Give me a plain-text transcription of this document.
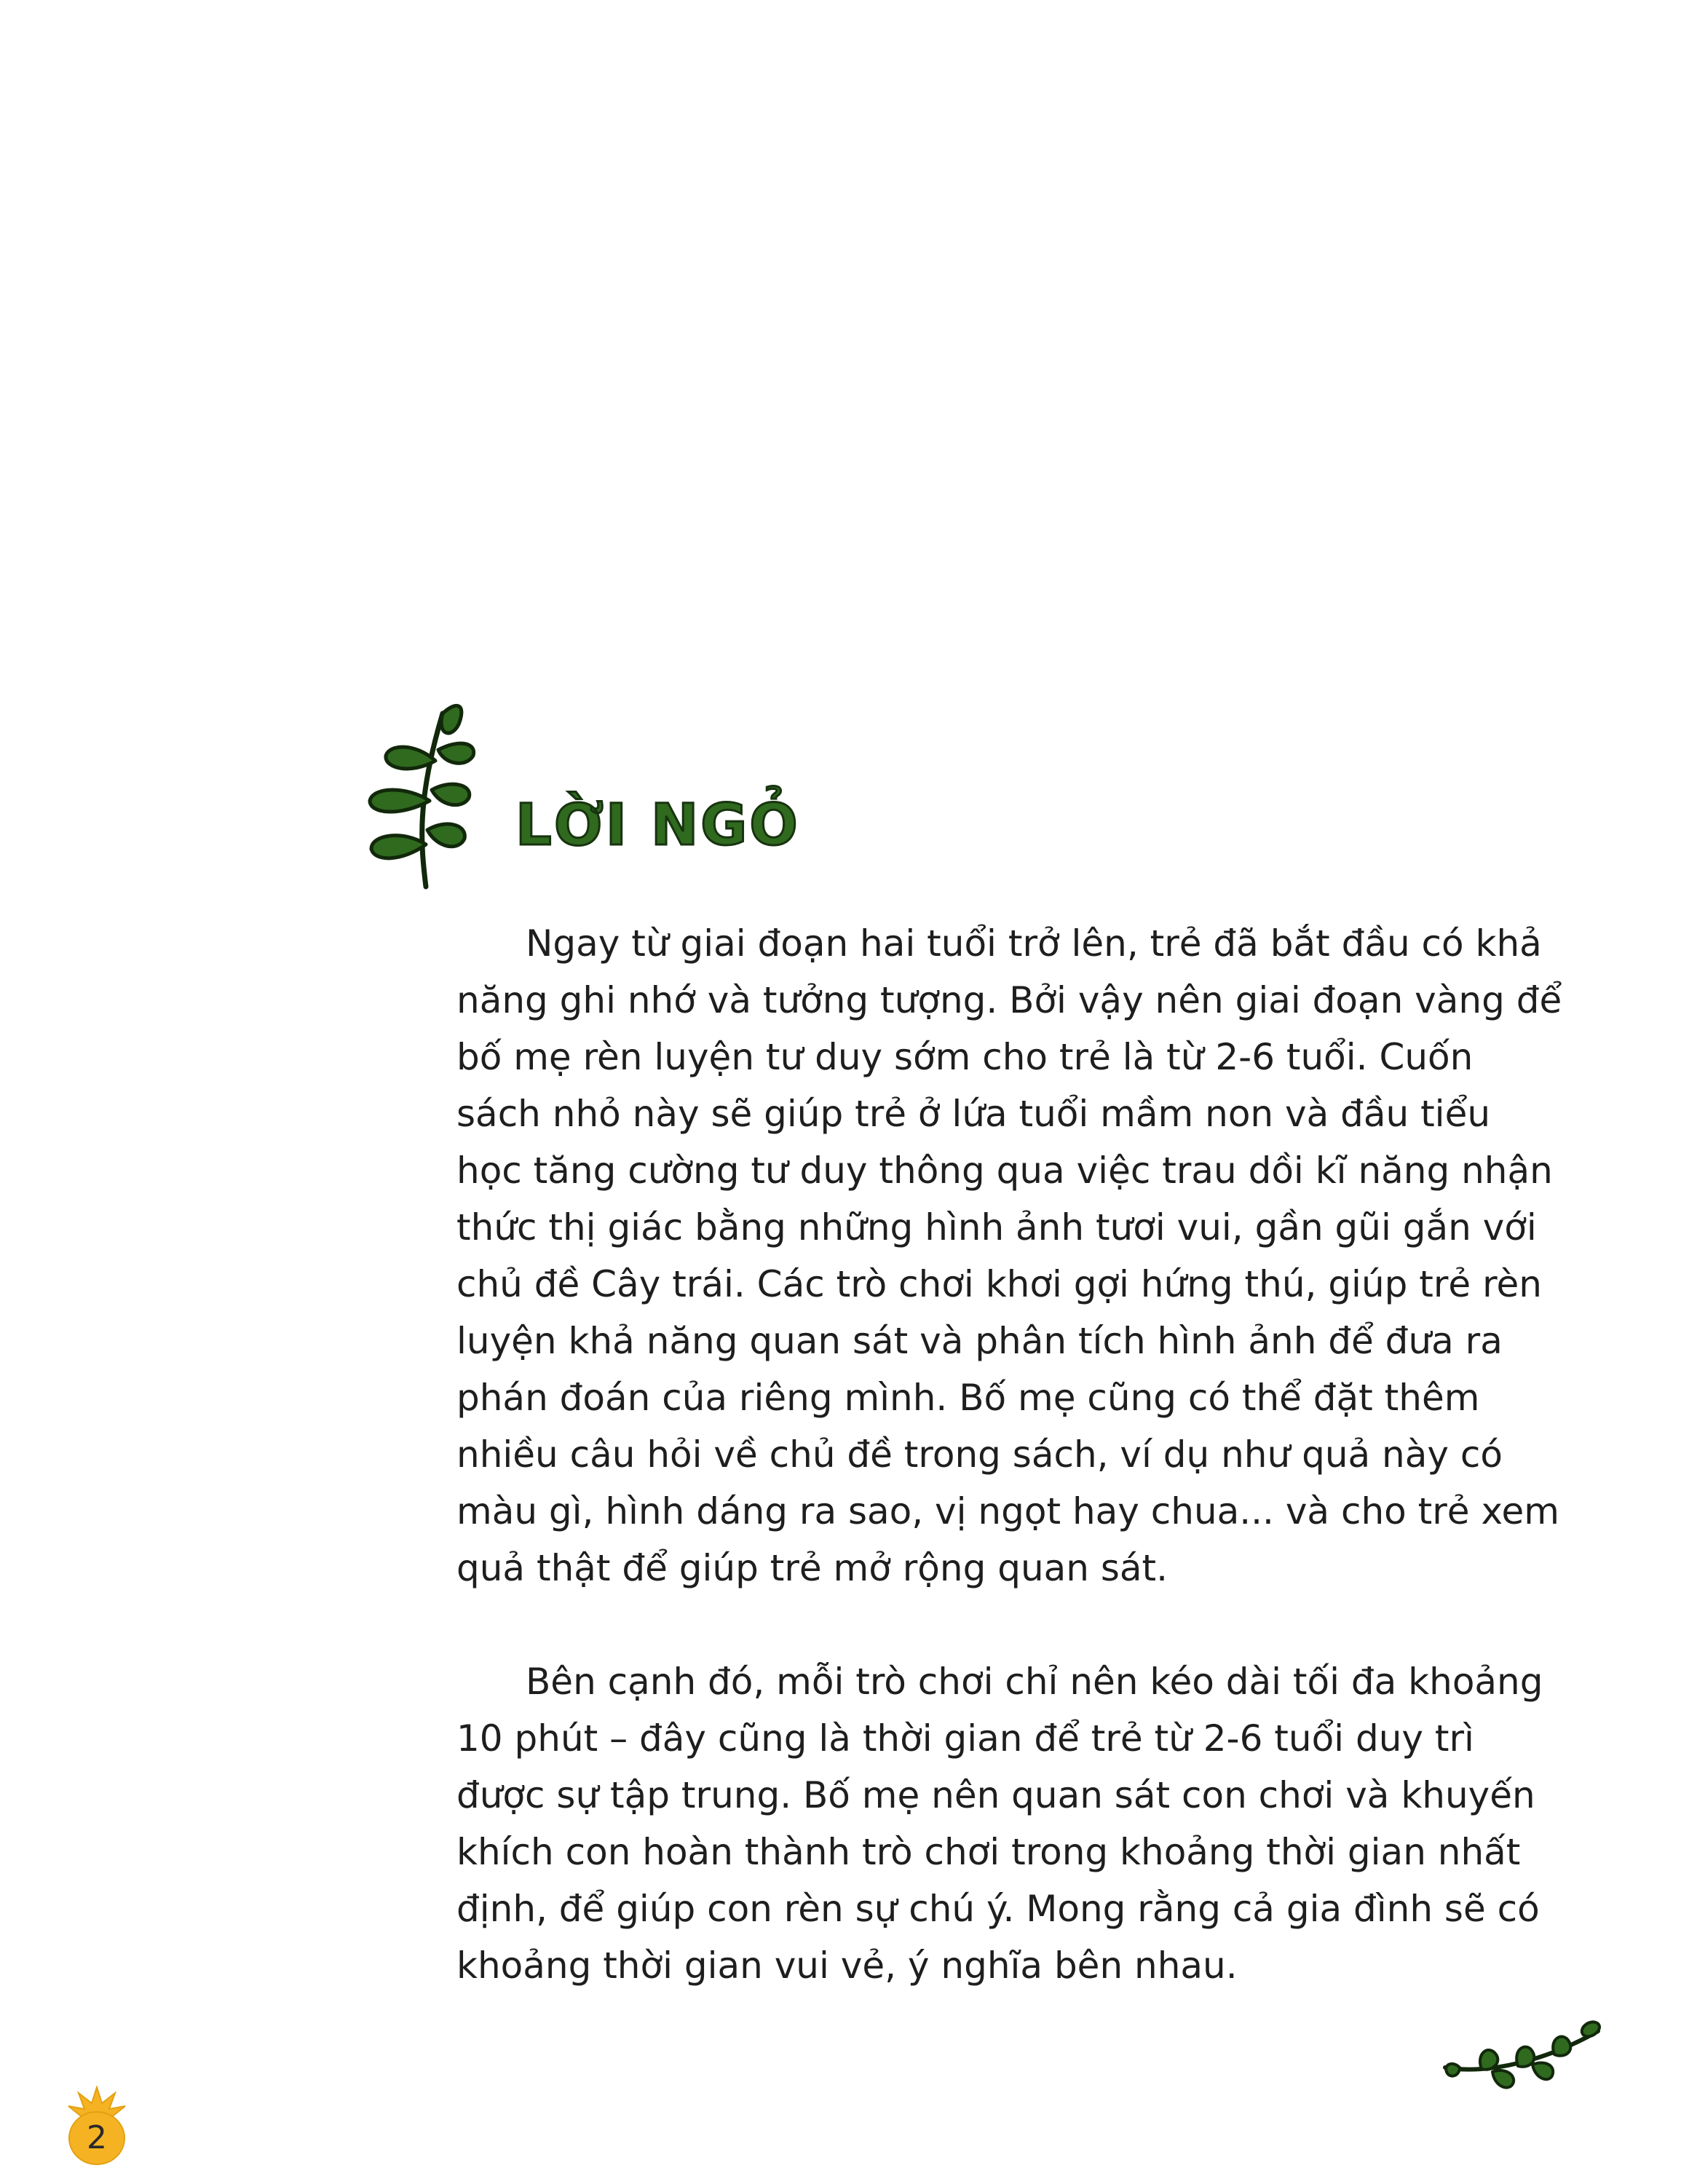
LỜI NGỎ

Ngay từ giai đoạn hai tuổi trở lên, trẻ đã bắt đầu có khả năng ghi nhớ và tưởng tượng. Bởi vậy nên giai đoạn vàng để bố mẹ rèn luyện tư duy sớm cho trẻ là từ 2-6 tuổi. Cuốn sách nhỏ này sẽ giúp trẻ ở lứa tuổi mầm non và đầu tiểu học tăng cường tư duy thông qua việc trau dồi kĩ năng nhận thức thị giác bằng những hình ảnh tươi vui, gần gũi gắn với chủ đề Cây trái. Các trò chơi khơi gợi hứng thú, giúp trẻ rèn luyện khả năng quan sát và phân tích hình ảnh để đưa ra phán đoán của riêng mình. Bố mẹ cũng có thể đặt thêm nhiều câu hỏi về chủ đề trong sách, ví dụ như quả này có màu gì, hình dáng ra sao, vị ngọt hay chua... và cho trẻ xem quả thật để giúp trẻ mở rộng quan sát.

Bên cạnh đó, mỗi trò chơi chỉ nên kéo dài tối đa khoảng 10 phút – đây cũng là thời gian để trẻ từ 2-6 tuổi duy trì được sự tập trung. Bố mẹ nên quan sát con chơi và khuyến khích con hoàn thành trò chơi trong khoảng thời gian nhất định, để giúp con rèn sự chú ý. Mong rằng cả gia đình sẽ có khoảng thời gian vui vẻ, ý nghĩa bên nhau.

2
